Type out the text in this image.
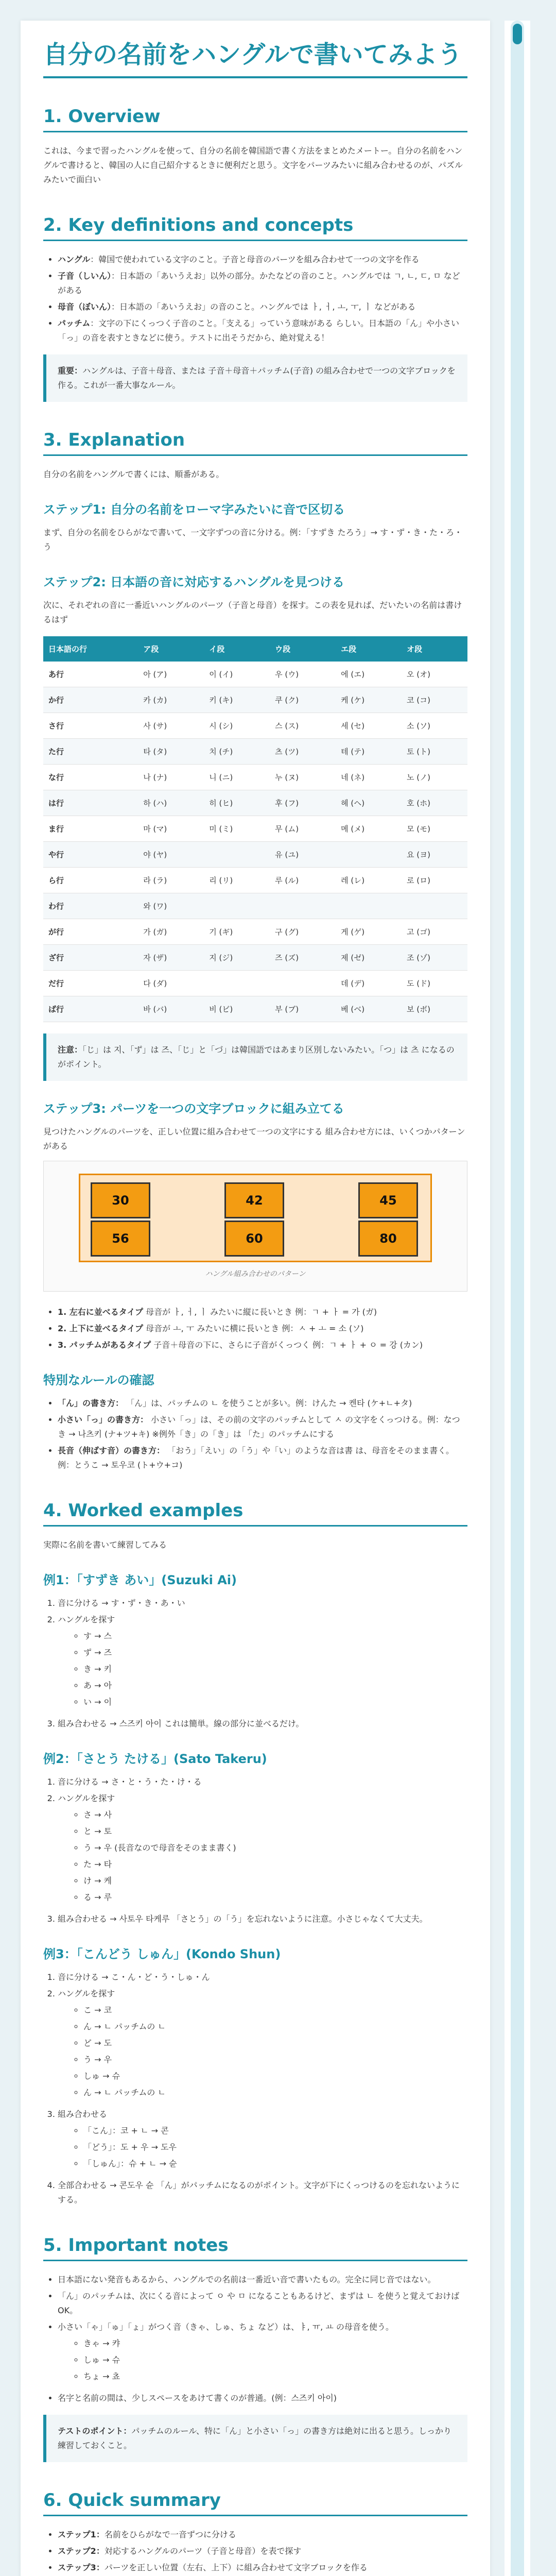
自分の名前をハングルで書いてみよう
1. Overview

これは、今まで習ったハングルを使って、自分の名前を韓国語で書く方法をまとめたメートー。自分の名前をハングルで書けると、韓国の人に自己紹介するときに便利だと思う。文字をパーツみたいに組み合わせるのが、パズルみたいで面白い

2. Key definitions and concepts
• ハングル：韓国で使われている文字のこと。子音と母音のパーツを組み合わせて一つの文字を作る
• 子音（しいん）：日本語の「あいうえお」以外の部分。かたなどの音のこと。ハングルでは ㄱ, ㄴ, ㄷ, ㅁ などがある
• 母音（ぼいん）：日本語の「あいうえお」の音のこと。ハングルでは ㅏ, ㅓ, ㅗ, ㅜ, ㅣ などがある
• パッチム：文字の下にくっつく子音のこと。「支える」っていう意味がある らしい。日本語の「ん」や小さい「っ」の音を表すときなどに使う。テストに出そうだから、絶対覚える！
重要：ハングルは、子音＋母音、または 子音＋母音＋パッチム(子音) の組み合わせで一つの文字ブロックを作る。これが一番大事なルール。
3. Explanation

自分の名前をハングルで書くには、順番がある。

ステップ1: 自分の名前をローマ字みたいに音で区切る

まず、自分の名前をひらがなで書いて、一文字ずつの音に分ける。例：「すずき たろう」→ す・ず・き・た・ろ・う

ステップ2: 日本語の音に対応するハングルを見つける

次に、それぞれの音に一番近いハングルのパーツ（子音と母音）を探す。この表を見れば、だいたいの名前は書けるはず

日本語の行	ア段	イ段	ウ段	エ段	オ段
あ行	아 (ア)	이 (イ)	우 (ウ)	에 (エ)	오 (オ)
か行	카 (カ)	키 (キ)	쿠 (ク)	케 (ケ)	코 (コ)
さ行	사 (サ)	시 (シ)	스 (ス)	세 (セ)	소 (ソ)
た行	타 (タ)	치 (チ)	츠 (ツ)	테 (テ)	토 (ト)
な行	나 (ナ)	니 (ニ)	누 (ヌ)	네 (ネ)	노 (ノ)
は行	하 (ハ)	히 (ヒ)	후 (フ)	헤 (ヘ)	호 (ホ)
ま行	마 (マ)	미 (ミ)	무 (ム)	메 (メ)	모 (モ)
や行	야 (ヤ)		유 (ユ)		요 (ヨ)
ら行	라 (ラ)	리 (リ)	루 (ル)	레 (レ)	로 (ロ)
わ行	와 (ワ)				
が行	가 (ガ)	기 (ギ)	구 (グ)	게 (ゲ)	고 (ゴ)
ざ行	자 (ザ)	지 (ジ)	즈 (ズ)	제 (ゼ)	조 (ゾ)
だ行	다 (ダ)			데 (デ)	도 (ド)
ば行	바 (バ)	비 (ビ)	부 (ブ)	베 (ベ)	보 (ボ)
注意：「じ」は 지、「ず」は 즈、「じ」と「づ」は韓国語ではあまり区別しないみたい。「つ」は 츠 になるのがポイント。
ステップ3: パーツを一つの文字ブロックに組み立てる

見つけたハングルのパーツを、正しい位置に組み合わせて一つの文字にする 組み合わせ方には、いくつかパターンがある

30	42	45
56	60	80
ハングル組み合わせのパターン
• 1. 左右に並べるタイプ 母音が ㅏ, ㅓ, ㅣ みたいに縦に長いとき 例：ㄱ + ㅏ = 가 (ガ)
• 2. 上下に並べるタイプ 母音が ㅗ, ㅜ みたいに横に長いとき 例：ㅅ + ㅗ = 소 (ソ)
• 3. パッチムがあるタイプ 子音＋母音の下に、さらに子音がくっつく 例：ㄱ + ㅏ + ㅇ = 강 (カン)
特別なルールの確認
• 「ん」の書き方： 「ん」は、パッチムの ㄴ を使うことが多い。例：けんた → 켄타 (ケ+ㄴ+タ)
• 小さい「っ」の書き方： 小さい「っ」は、その前の文字のパッチムとして ㅅ の文字をくっつける。例：なつき → 나츠키 (ナ+ツ+キ) ※例外「き」の「き」は 「た」のパッチムにする
• 長音（伸ばす音）の書き方： 「おう」「えい」の「う」や「い」のような音は書 は、母音をそのまま書く。例：とうこ → 토우코 (ト+ウ+コ)
4. Worked examples

実際に名前を書いて練習してみる

例1：「すずき あい」(Suzuki Ai)
1. 音に分ける → す・ず・き・あ・い
2. ハングルを探す
◦ す → 스
◦ ず → 즈
◦ き → 키
◦ あ → 아
◦ い → 이
3. 組み合わせる → 스즈키 아이 これは簡単。線の部分に並べるだけ。
例2：「さとう たける」(Sato Takeru)
1. 音に分ける → さ・と・う・た・け・る
2. ハングルを探す
◦ さ → 사
◦ と → 토
◦ う → 우 (長音なので母音をそのまま書く)
◦ た → 타
◦ け → 케
◦ る → 루
3. 組み合わせる → 사토우 타케루 「さとう」の「う」を忘れないように注意。小さじゃなくて大丈夫。
例3：「こんどう しゅん」(Kondo Shun)
1. 音に分ける → こ・ん・ど・う・しゅ・ん
2. ハングルを探す
◦ こ → 코
◦ ん → ㄴ パッチムの ㄴ
◦ ど → 도
◦ う → 우
◦ しゅ → 슈
◦ ん → ㄴ パッチムの ㄴ
3. 組み合わせる
◦ 「こん」：코 + ㄴ → 콘
◦ 「どう」：도 + 우 → 도우
◦ 「しゅん」：슈 + ㄴ → 슌
4. 全部合わせる → 콘도우 슌 「ん」がパッチムになるのがポイント。文字が下にくっつけるのを忘れないようにする。
5. Important notes
• 日本語にない発音もあるから、ハングルでの名前は一番近い音で書いたもの。完全に同じ音ではない。
• 「ん」のパッチムは、次にくる音によって ㅇ や ㅁ になることもあるけど、まずは ㄴ を使うと覚えておけばOK。
• 小さい「ゃ」「ゅ」「ょ」がつく音（きゃ、しゅ、ちょ など）は、ㅑ, ㅠ, ㅛ の母音を使う。
◦ きゃ → 캬
◦ しゅ → 슈
◦ ちょ → 쵸
• 名字と名前の間は、少しスペースをあけて書くのが普通。(例：스즈키 아이)
テストのポイント：パッチムのルール、特に「ん」と小さい「っ」の書き方は絶対に出ると思う。しっかり練習しておくこと。
6. Quick summary
• ステップ1：名前をひらがなで一音ずつに分ける
• ステップ2：対応するハングルのパーツ（子音と母音）を表で探す
• ステップ3：パーツを正しい位置（左右、上下）に組み合わせて文字ブロックを作る
